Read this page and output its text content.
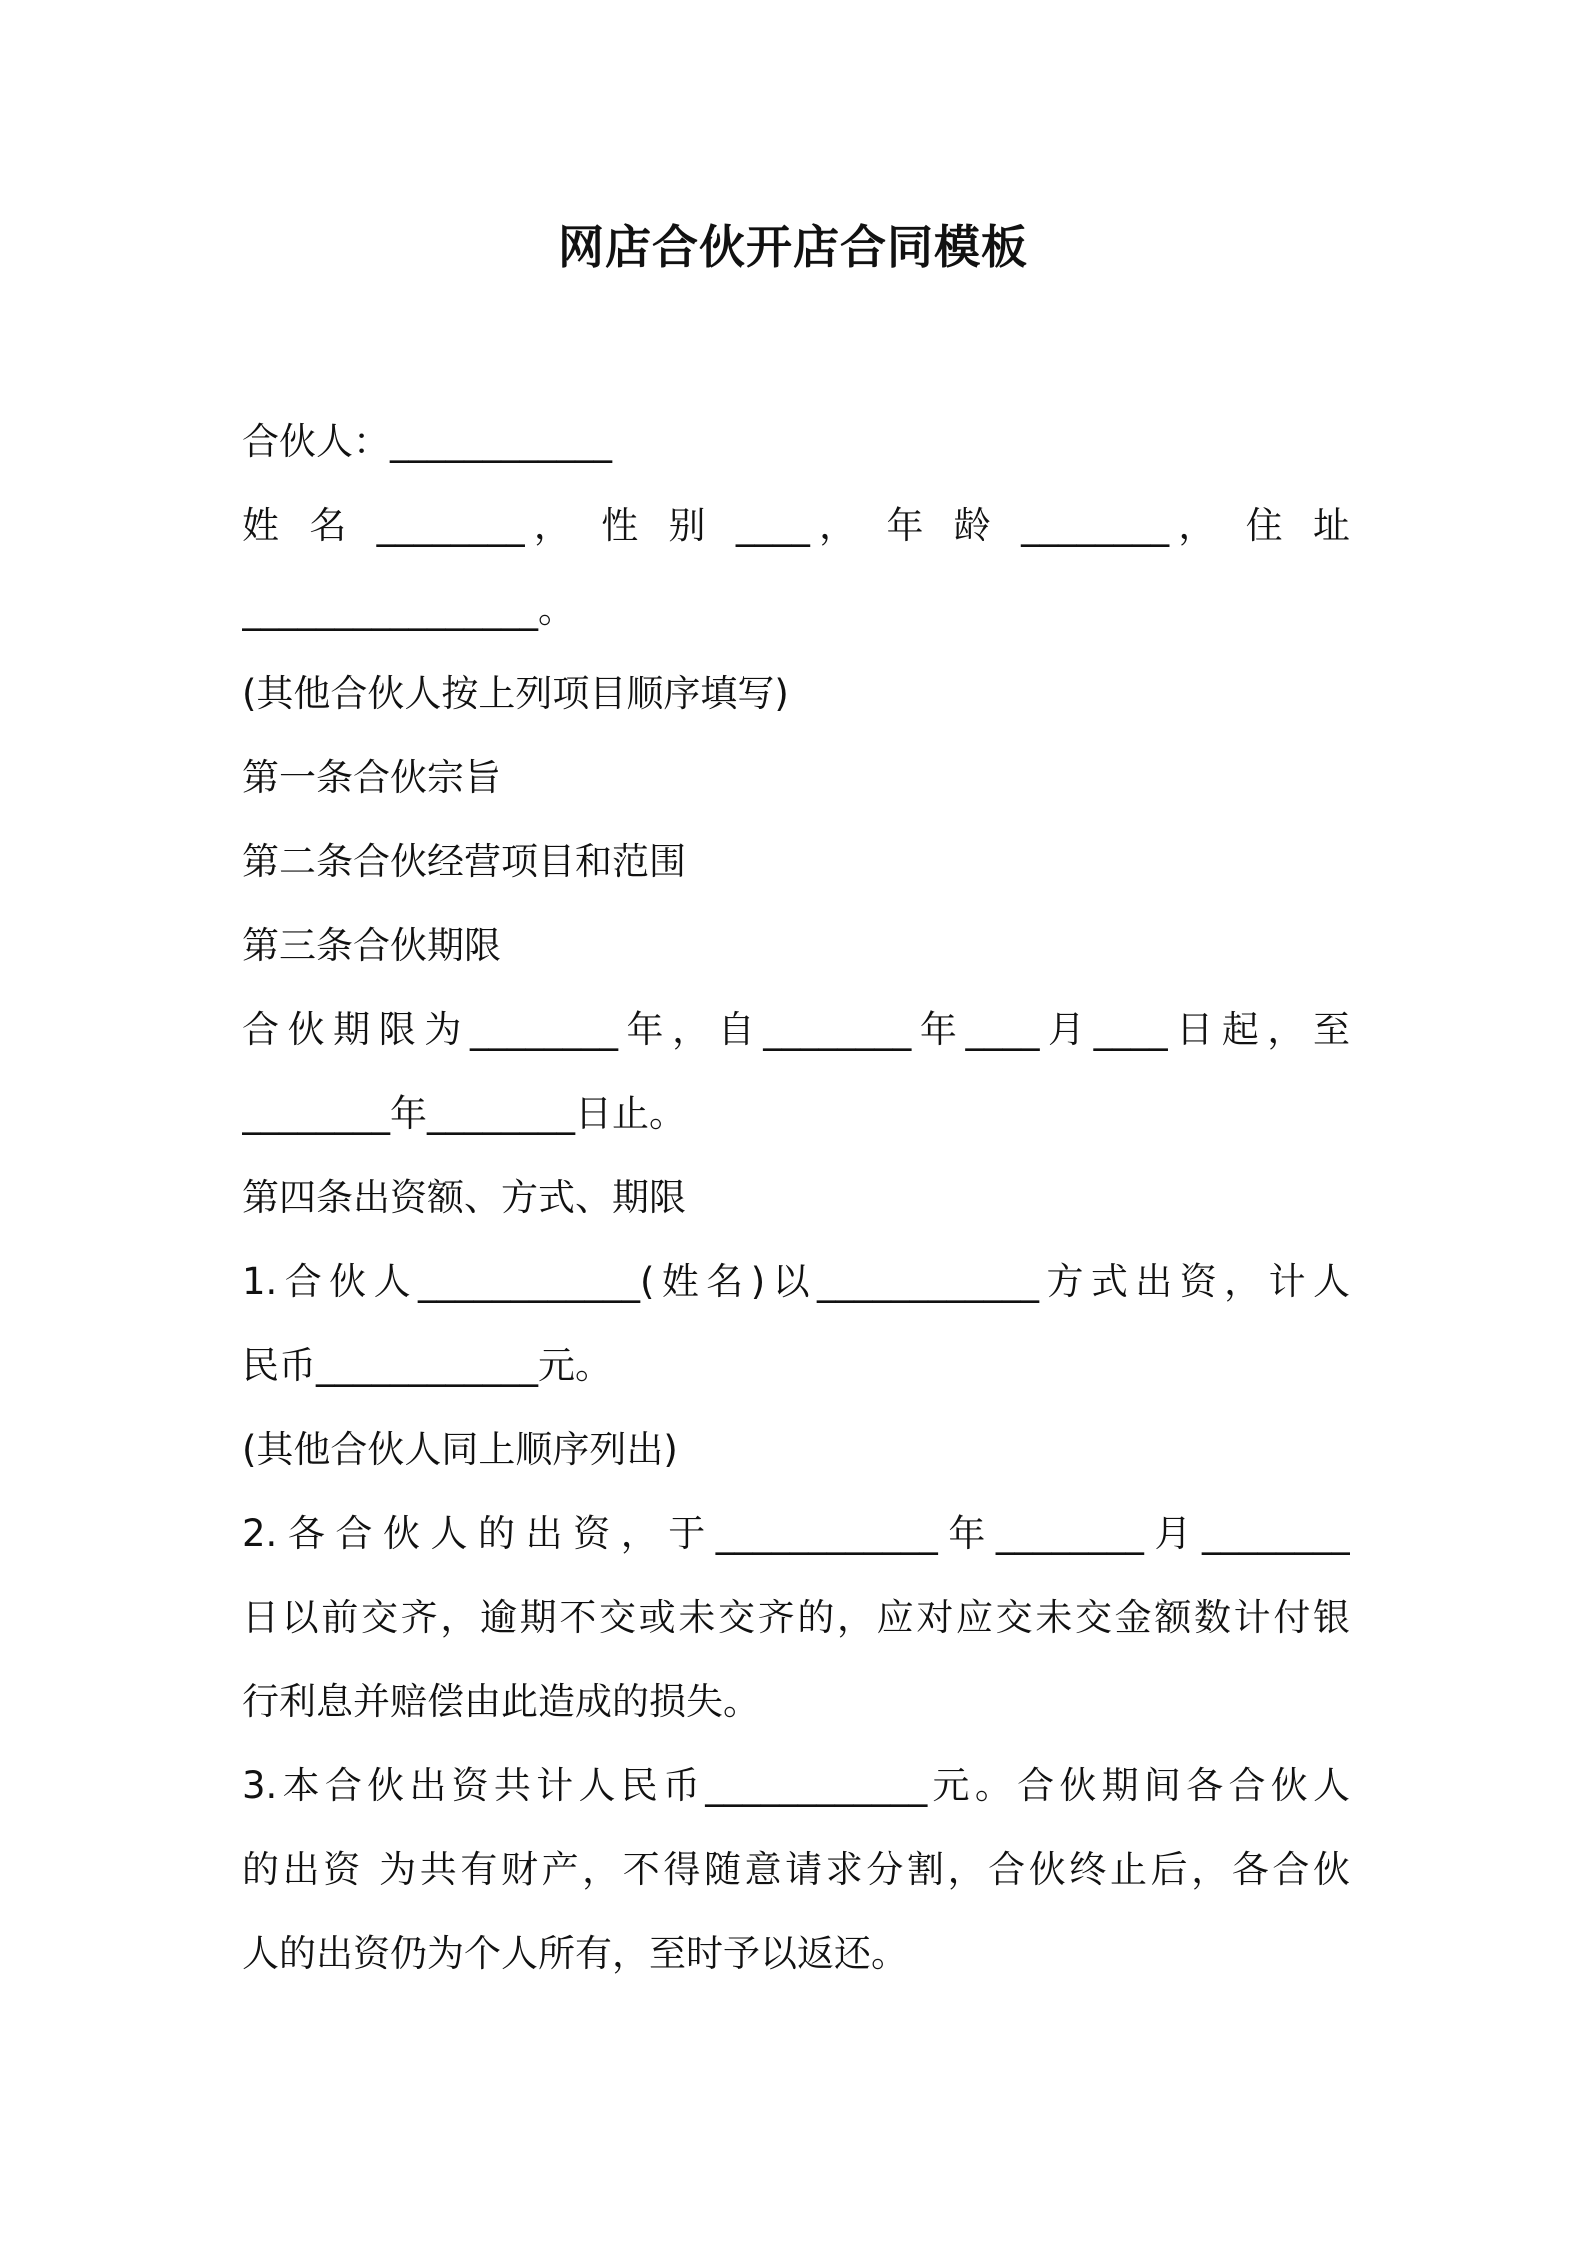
网店合伙开店合同模板
合伙人：____________
姓 名 ________， 性 别 ____， 年 龄 ________， 住 址
________________。
(其他合伙人按上列项目顺序填写)
第一条合伙宗旨
第二条合伙经营项目和范围
第三条合伙期限
合伙期限为________年，自________年____月____日起，至
________年________日止。
第四条出资额、方式、期限
1.合伙人____________(姓名)以____________方式出资，计人
民币____________元。
(其他合伙人同上顺序列出)
2.各合伙人的出资，于____________年________月________
日以前交齐，逾期不交或未交齐的，应对应交未交金额数计付银
行利息并赔偿由此造成的损失。
3.本合伙出资共计人民币____________元。合伙期间各合伙人
的出资 为共有财产，不得随意请求分割，合伙终止后，各合伙
人的出资仍为个人所有，至时予以返还。
